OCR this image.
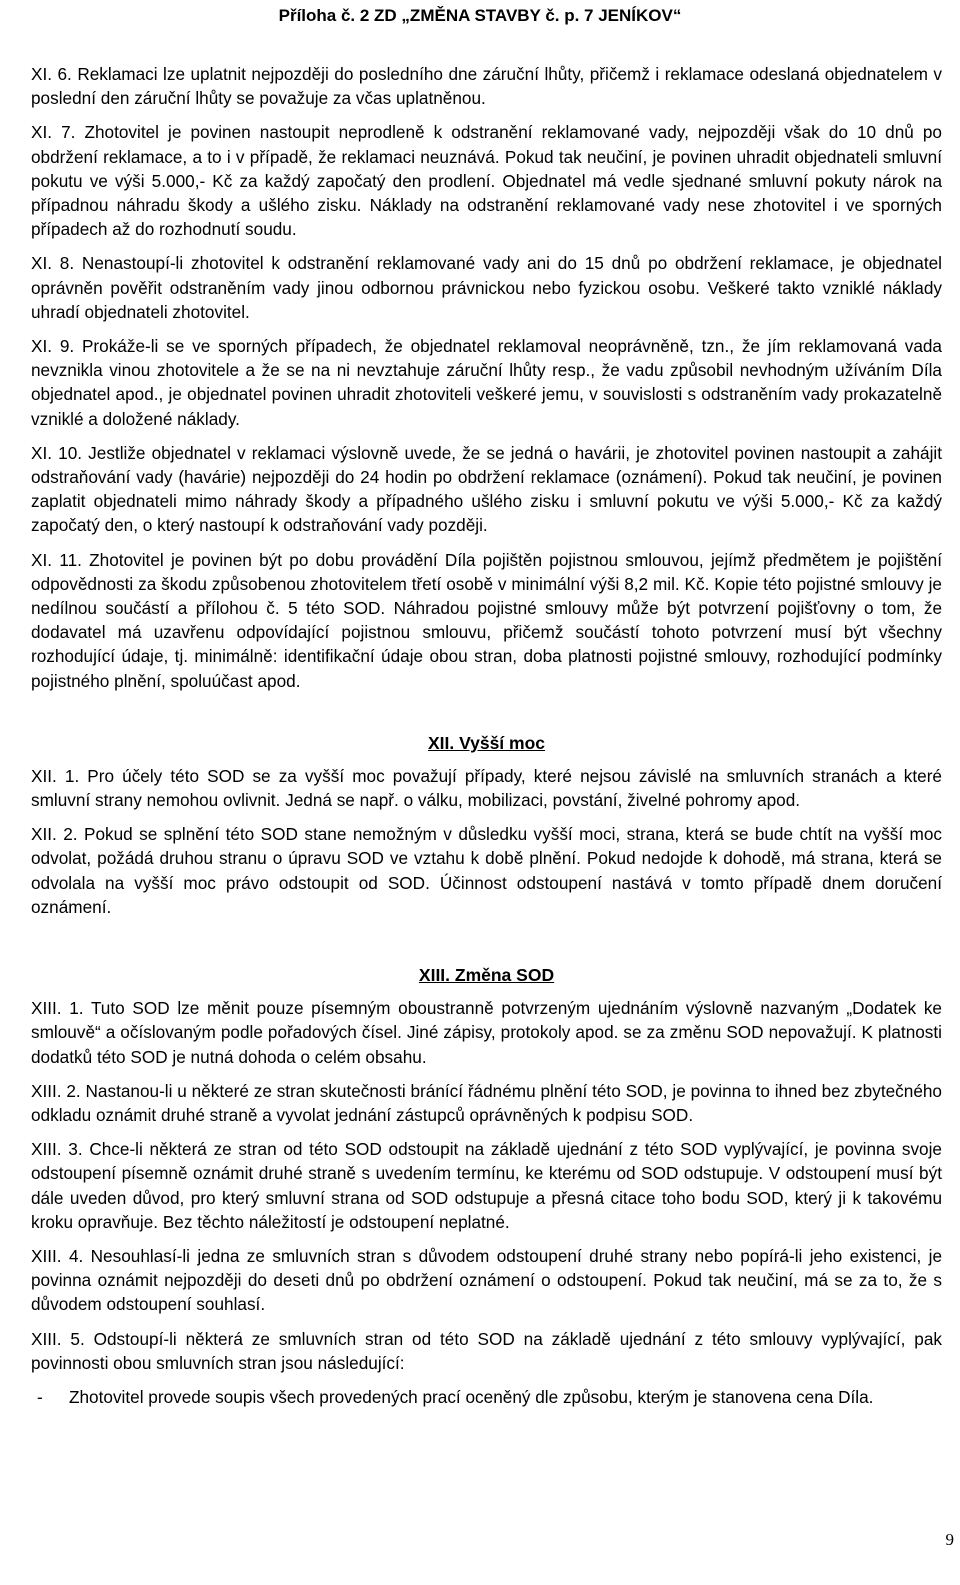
Příloha č. 2 ZD „ZMĚNA STAVBY č. p. 7 JENÍKOV“

XI. 6. Reklamaci lze uplatnit nejpozději do posledního dne záruční lhůty, přičemž i reklamace odeslaná objednatelem v poslední den záruční lhůty se považuje za včas uplatněnou.

XI. 7. Zhotovitel je povinen nastoupit neprodleně k odstranění reklamované vady, nejpozději však do 10 dnů po obdržení reklamace, a to i v případě, že reklamaci neuznává. Pokud tak neučiní, je povinen uhradit objednateli smluvní pokutu ve výši 5.000,- Kč za každý započatý den prodlení. Objednatel má vedle sjednané smluvní pokuty nárok na případnou náhradu škody a ušlého zisku. Náklady na odstranění reklamované vady nese zhotovitel i ve sporných případech až do rozhodnutí soudu.

XI. 8. Nenastoupí-li zhotovitel k odstranění reklamované vady ani do 15 dnů po obdržení reklamace, je objednatel oprávněn pověřit odstraněním vady jinou odbornou právnickou nebo fyzickou osobu. Veškeré takto vzniklé náklady uhradí objednateli zhotovitel.

XI. 9. Prokáže-li se ve sporných případech, že objednatel reklamoval neoprávněně, tzn., že jím reklamovaná vada nevznikla vinou zhotovitele a že se na ni nevztahuje záruční lhůty resp., že vadu způsobil nevhodným užíváním Díla objednatel apod., je objednatel povinen uhradit zhotoviteli veškeré jemu, v souvislosti s odstraněním vady prokazatelně vzniklé a doložené náklady.

XI. 10. Jestliže objednatel v reklamaci výslovně uvede, že se jedná o havárii, je zhotovitel povinen nastoupit a zahájit odstraňování vady (havárie) nejpozději do 24 hodin po obdržení reklamace (oznámení). Pokud tak neučiní, je povinen zaplatit objednateli mimo náhrady škody a případného ušlého zisku i smluvní pokutu ve výši 5.000,- Kč za každý započatý den, o který nastoupí k odstraňování vady později.

XI. 11. Zhotovitel je povinen být po dobu provádění Díla pojištěn pojistnou smlouvou, jejímž předmětem je pojištění odpovědnosti za škodu způsobenou zhotovitelem třetí osobě v minimální výši 8,2 mil. Kč. Kopie této pojistné smlouvy je nedílnou součástí a přílohou č. 5 této SOD. Náhradou pojistné smlouvy může být potvrzení pojišťovny o tom, že dodavatel má uzavřenu odpovídající pojistnou smlouvu, přičemž součástí tohoto potvrzení musí být všechny rozhodující údaje, tj. minimálně: identifikační údaje obou stran, doba platnosti pojistné smlouvy, rozhodující podmínky pojistného plnění, spoluúčast apod.

XII. Vyšší moc

XII. 1. Pro účely této SOD se za vyšší moc považují případy, které nejsou závislé na smluvních stranách a které smluvní strany nemohou ovlivnit. Jedná se např. o válku, mobilizaci, povstání, živelné pohromy apod.

XII. 2. Pokud se splnění této SOD stane nemožným v důsledku vyšší moci, strana, která se bude chtít na vyšší moc odvolat, požádá druhou stranu o úpravu SOD ve vztahu k době plnění. Pokud nedojde k dohodě, má strana, která se odvolala na vyšší moc právo odstoupit od SOD. Účinnost odstoupení nastává v tomto případě dnem doručení oznámení.

XIII. Změna SOD

XIII. 1. Tuto SOD lze měnit pouze písemným oboustranně potvrzeným ujednáním výslovně nazvaným „Dodatek ke smlouvě“ a očíslovaným podle pořadových čísel. Jiné zápisy, protokoly apod. se za změnu SOD nepovažují. K platnosti dodatků této SOD je nutná dohoda o celém obsahu.

XIII. 2. Nastanou-li u některé ze stran skutečnosti bránící řádnému plnění této SOD, je povinna to ihned bez zbytečného odkladu oznámit druhé straně a vyvolat jednání zástupců oprávněných k podpisu SOD.

XIII. 3. Chce-li některá ze stran od této SOD odstoupit na základě ujednání z této SOD vyplývající, je povinna svoje odstoupení písemně oznámit druhé straně s uvedením termínu, ke kterému od SOD odstupuje. V odstoupení musí být dále uveden důvod, pro který smluvní strana od SOD odstupuje a přesná citace toho bodu SOD, který ji k takovému kroku opravňuje. Bez těchto náležitostí je odstoupení neplatné.

XIII. 4. Nesouhlasí-li jedna ze smluvních stran s důvodem odstoupení druhé strany nebo popírá-li jeho existenci, je povinna oznámit nejpozději do deseti dnů po obdržení oznámení o odstoupení. Pokud tak neučiní, má se za to, že s důvodem odstoupení souhlasí.

XIII. 5. Odstoupí-li některá ze smluvních stran od této SOD na základě ujednání z této smlouvy vyplývající, pak povinnosti obou smluvních stran jsou následující:

-	Zhotovitel provede soupis všech provedených prací oceněný dle způsobu, kterým je stanovena cena Díla.
9
